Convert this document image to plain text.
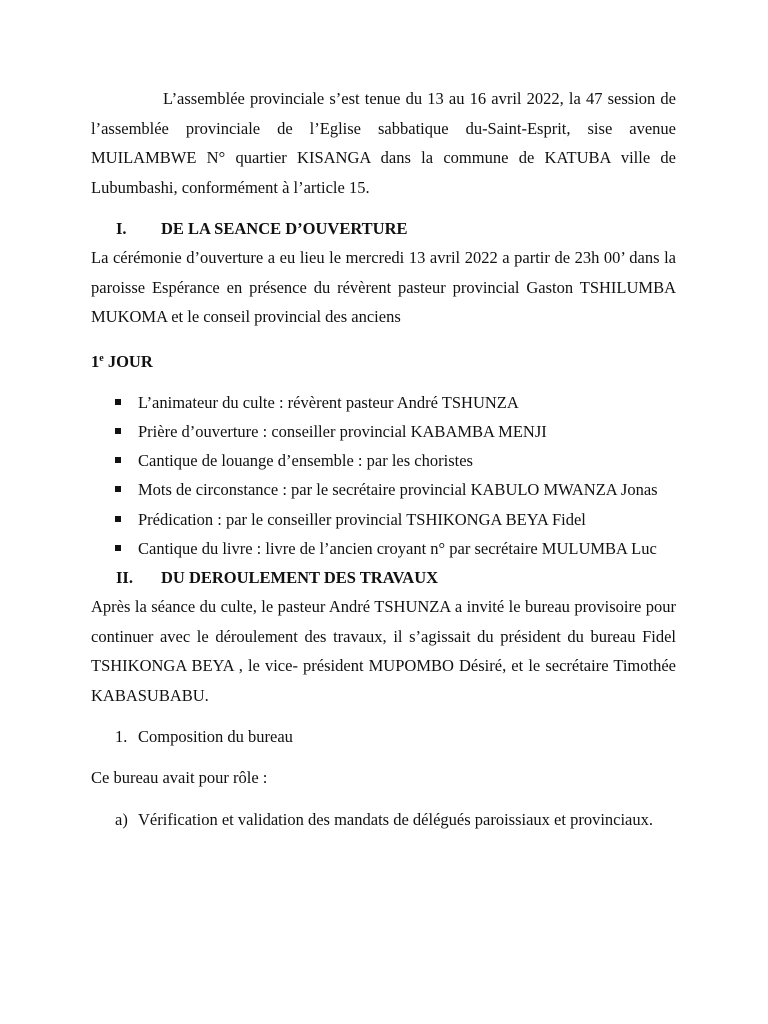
L’assemblée provinciale s’est tenue du 13 au 16 avril 2022, la 47 session de l’assemblée provinciale de l’Eglise sabbatique du-Saint-Esprit, sise avenue MUILAMBWE N° quartier KISANGA dans la commune de KATUBA ville de Lubumbashi, conformément à l’article 15.

I.	DE LA SEANCE D’OUVERTURE

La cérémonie d’ouverture a eu lieu le mercredi 13 avril 2022 a partir de 23h 00’ dans la paroisse Espérance en présence du révèrent pasteur provincial Gaston TSHILUMBA MUKOMA et le conseil provincial des anciens

1e JOUR
L’animateur du culte : révèrent pasteur André TSHUNZA
Prière d’ouverture : conseiller provincial KABAMBA MENJI
Cantique de louange d’ensemble : par les choristes
Mots de circonstance : par le secrétaire provincial KABULO MWANZA Jonas
Prédication : par le conseiller provincial TSHIKONGA BEYA Fidel
Cantique du livre : livre de l’ancien croyant n° par secrétaire MULUMBA Luc
II.	DU DEROULEMENT DES TRAVAUX

Après la séance du culte, le pasteur André TSHUNZA a invité le bureau provisoire pour continuer avec le déroulement des travaux, il s’agissait du président du bureau Fidel TSHIKONGA BEYA , le vice- président MUPOMBO Désiré, et le secrétaire Timothée KABASUBABU.

1. Composition du bureau

Ce bureau avait pour rôle :

a) Vérification et validation des mandats de délégués paroissiaux et provinciaux.
